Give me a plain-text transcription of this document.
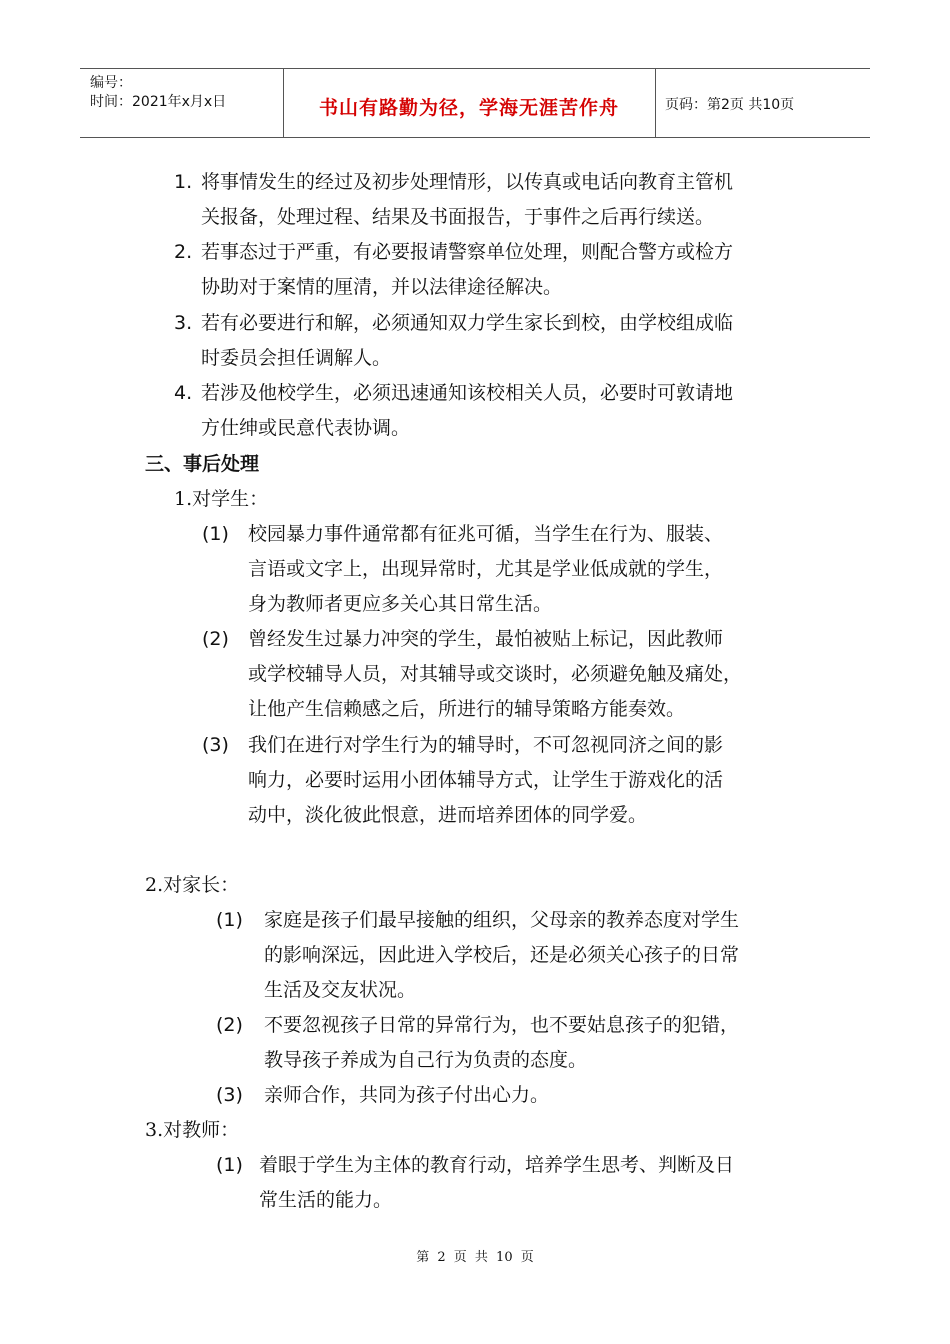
编号：
时间：2021年x月x日	书山有路勤为径，学海无涯苦作舟	页码：第2页 共10页
1. 将事情发生的经过及初步处理情形，以传真或电话向教育主管机
关报备，处理过程、结果及书面报告，于事件之后再行续送。
2. 若事态过于严重，有必要报请警察单位处理，则配合警方或检方
协助对于案情的厘清，并以法律途径解决。
3. 若有必要进行和解，必须通知双力学生家长到校，由学校组成临
时委员会担任调解人。
4. 若涉及他校学生，必须迅速通知该校相关人员，必要时可敦请地
方仕绅或民意代表协调。
三、事后处理
1.对学生：
(1) 校园暴力事件通常都有征兆可循，当学生在行为、服装、
言语或文字上，出现异常时，尤其是学业低成就的学生，
身为教师者更应多关心其日常生活。
(2) 曾经发生过暴力冲突的学生，最怕被贴上标记，因此教师
或学校辅导人员，对其辅导或交谈时，必须避免触及痛处，
让他产生信赖感之后，所进行的辅导策略方能奏效。
(3) 我们在进行对学生行为的辅导时，不可忽视同济之间的影
响力，必要时运用小团体辅导方式，让学生于游戏化的活
动中，淡化彼此恨意，进而培养团体的同学爱。
2.对家长：
(1) 家庭是孩子们最早接触的组织，父母亲的教养态度对学生
的影响深远，因此进入学校后，还是必须关心孩子的日常
生活及交友状况。
(2) 不要忽视孩子日常的异常行为，也不要姑息孩子的犯错，
教导孩子养成为自己行为负责的态度。
(3) 亲师合作，共同为孩子付出心力。
3.对教师：
(1) 着眼于学生为主体的教育行动，培养学生思考、判断及日
常生活的能力。
第 2 页 共 10 页
